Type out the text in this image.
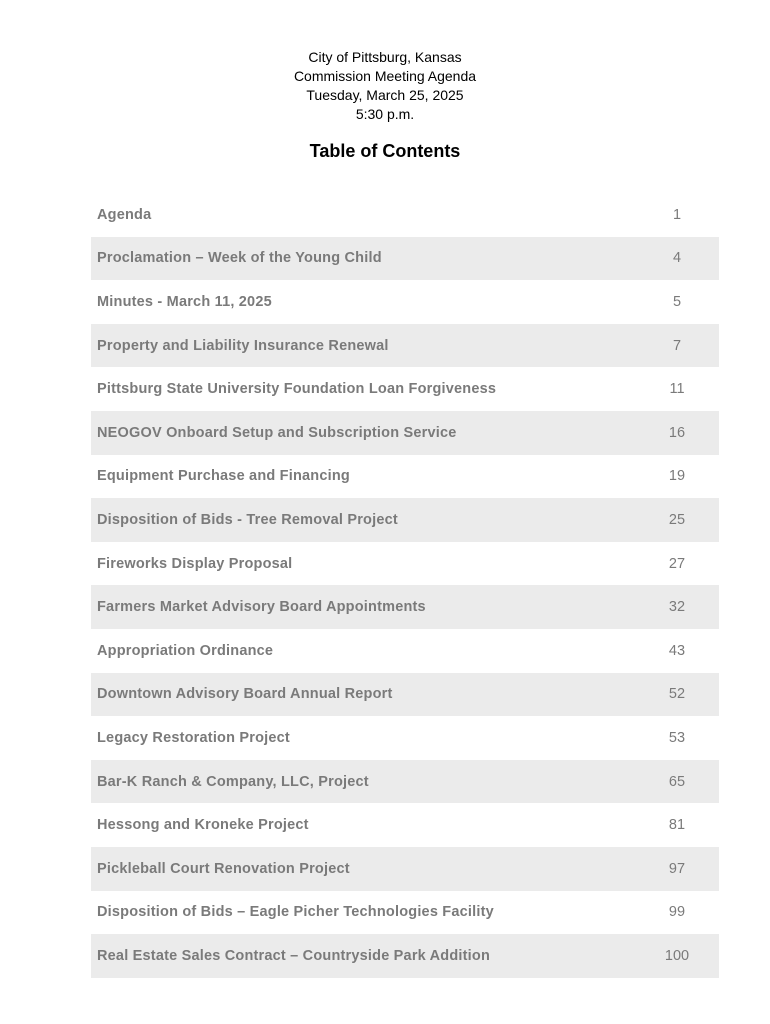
City of Pittsburg, Kansas
Commission Meeting Agenda
Tuesday, March 25, 2025
5:30 p.m.
Table of Contents
Agenda	1
Proclamation – Week of the Young Child	4
Minutes - March 11, 2025	5
Property and Liability Insurance Renewal	7
Pittsburg State University Foundation Loan Forgiveness	11
NEOGOV Onboard Setup and Subscription Service	16
Equipment Purchase and Financing	19
Disposition of Bids - Tree Removal Project	25
Fireworks Display Proposal	27
Farmers Market Advisory Board Appointments	32
Appropriation Ordinance	43
Downtown Advisory Board Annual Report	52
Legacy Restoration Project	53
Bar-K Ranch & Company, LLC, Project	65
Hessong and Kroneke Project	81
Pickleball Court Renovation Project	97
Disposition of Bids – Eagle Picher Technologies Facility	99
Real Estate Sales Contract – Countryside Park Addition	100
